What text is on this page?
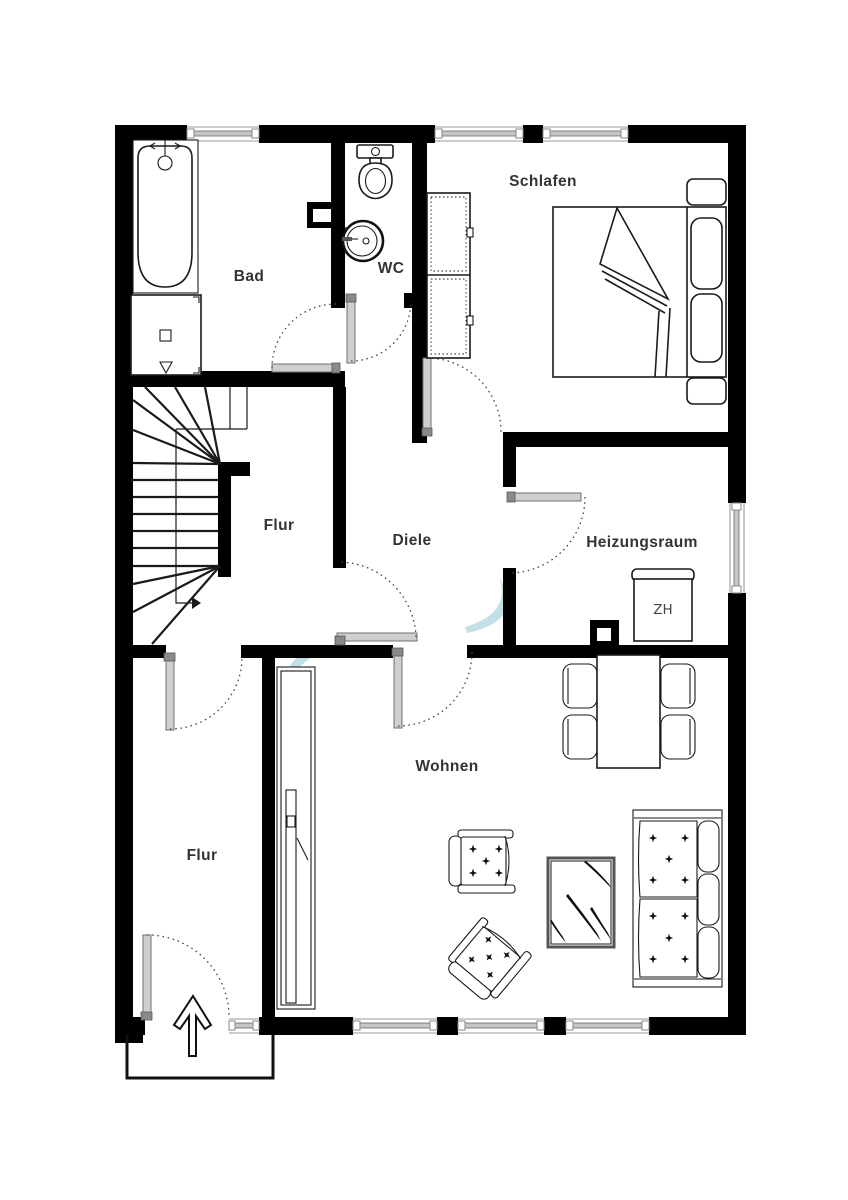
Bad	WC
Schlafen
Flur
Diele	Heizungsraum
Wohnen
Flur
ZH
